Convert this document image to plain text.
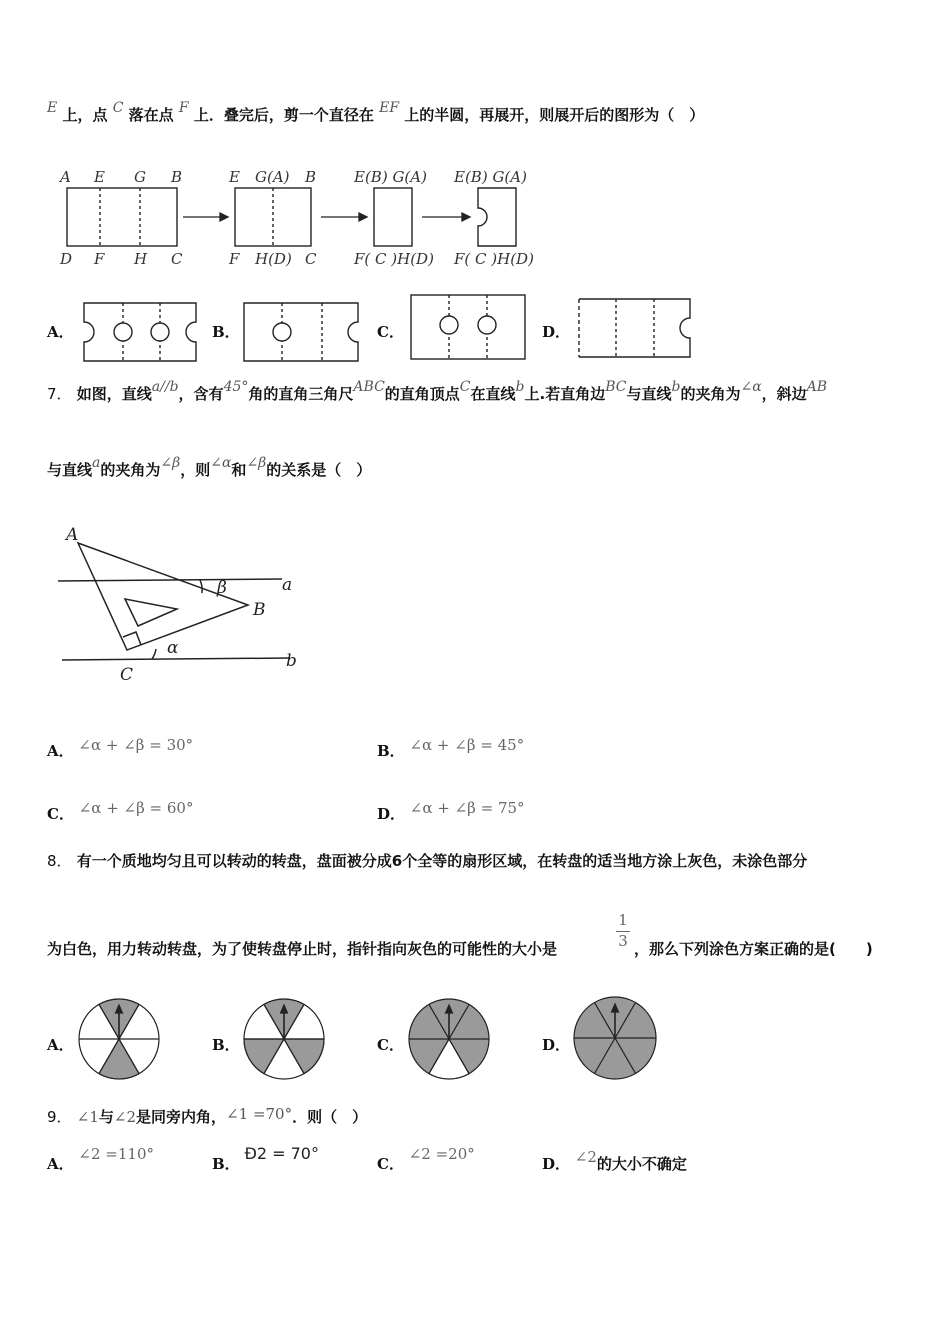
E 上，点 C 落在点 F 上．叠完后，剪一个直径在 EF 上的半圆，再展开，则展开后的图形为（　）
A E G B
D F H C
E G(A) B
F H(D) C
E(B) G(A)
F( C )H(D)
E(B) G(A)
F( C )H(D)
A．	B．	C．	D．
7． 如图，直线a//b，含有45°角的直角三角尺ABC的直角顶点C在直线b上.若直角边BC与直线b的夹角为∠α，斜边AB
与直线a的夹角为∠β，则∠α和∠β的关系是（　）
A
B
C
a
b
α
β
A． ∠α + ∠β = 30°	B． ∠α + ∠β = 45°
C． ∠α + ∠β = 60°	D． ∠α + ∠β = 75°
8． 有一个质地均匀且可以转动的转盘，盘面被分成6个全等的扇形区域，在转盘的适当地方涂上灰色，未涂色部分
为白色，用力转动转盘，为了使转盘停止时，指针指向灰色的可能性的大小是
1
3 ，那么下列涂色方案正确的是(　　)
A．	B．	C．	D．
9． ∠1与∠2是同旁内角，∠1 =70°．则（　）
A． ∠2 =110°
B． Ð2 = 70°
C． ∠2 =20°
D． ∠2的大小不确定
